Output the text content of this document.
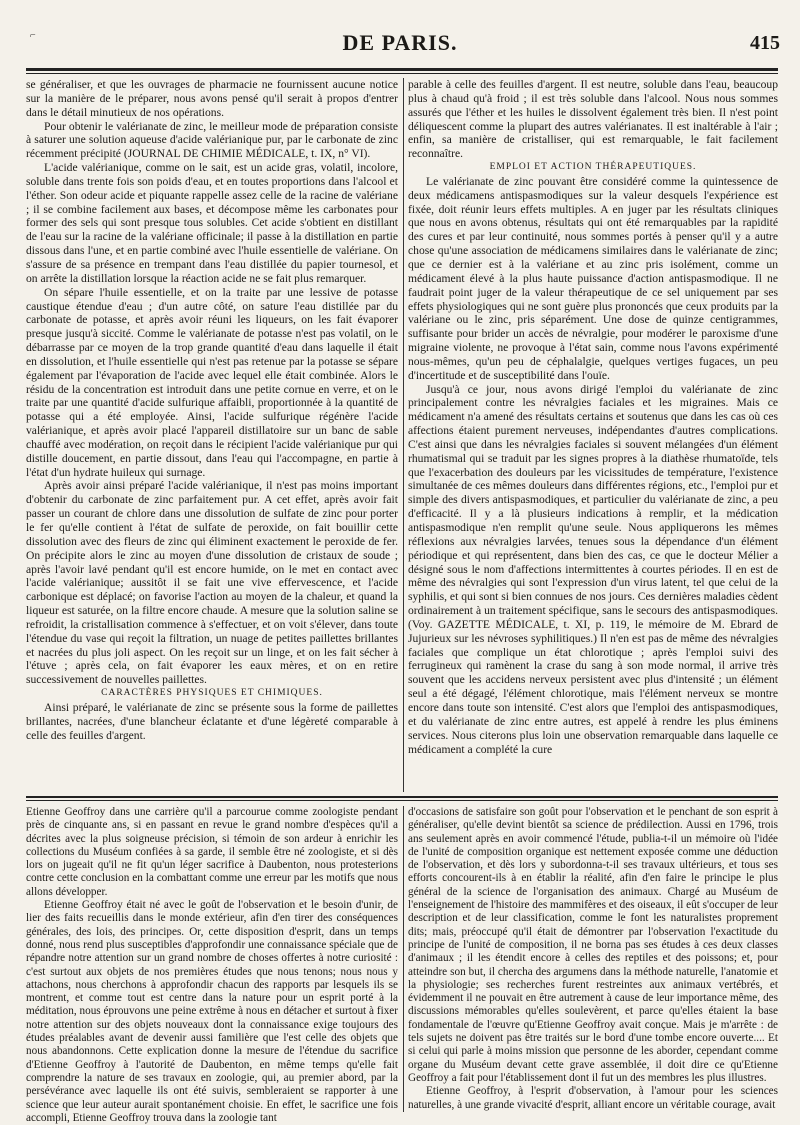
⌐	DE PARIS.	415

se généraliser, et que les ouvrages de pharmacie ne fournissent aucune notice sur la manière de le préparer, nous avons pensé qu'il serait à propos d'entrer dans le détail minutieux de nos opérations.

Pour obtenir le valérianate de zinc, le meilleur mode de préparation consiste à saturer une solution aqueuse d'acide valérianique pur, par le carbonate de zinc récemment précipité (JOURNAL DE CHIMIE MÉDICALE, t. IX, n° VI).

L'acide valérianique, comme on le sait, est un acide gras, volatil, incolore, soluble dans trente fois son poids d'eau, et en toutes proportions dans l'alcool et l'éther. Son odeur acide et piquante rappelle assez celle de la racine de valériane ; il se combine facilement aux bases, et décompose même les carbonates pour former des sels qui sont presque tous solubles. Cet acide s'obtient en distillant de l'eau sur la racine de la valériane officinale; il passe à la distillation en partie dissous dans l'une, et en partie combiné avec l'huile essentielle de valériane. On s'assure de sa présence en trempant dans l'eau distillée du papier tournesol, et on arrête la distillation lorsque la réaction acide ne se fait plus remarquer.

On sépare l'huile essentielle, et on la traite par une lessive de potasse caustique étendue d'eau ; d'un autre côté, on sature l'eau distillée par du carbonate de potasse, et après avoir réuni les liqueurs, on les fait évaporer presque jusqu'à siccité. Comme le valérianate de potasse n'est pas volatil, on le débarrasse par ce moyen de la trop grande quantité d'eau dans laquelle il était en dissolution, et l'huile essentielle qui n'est pas retenue par la potasse se sépare également par l'évaporation de l'acide avec lequel elle était combinée. Alors le résidu de la concentration est introduit dans une petite cornue en verre, et on le traite par une quantité d'acide sulfurique affaibli, proportionnée à la quantité de potasse qui a été employée. Ainsi, l'acide sulfurique régénère l'acide valérianique, et après avoir placé l'appareil distillatoire sur un banc de sable chauffé avec modération, on reçoit dans le récipient l'acide valérianique pur qui distille doucement, en partie dissout, dans l'eau qui l'accompagne, en partie à l'état d'un hydrate huileux qui surnage.

Après avoir ainsi préparé l'acide valérianique, il n'est pas moins important d'obtenir du carbonate de zinc parfaitement pur. A cet effet, après avoir fait passer un courant de chlore dans une dissolution de sulfate de zinc pour porter le fer qu'elle contient à l'état de sulfate de peroxide, on fait bouillir cette dissolution avec des fleurs de zinc qui éliminent exactement le peroxide de fer. On précipite alors le zinc au moyen d'une dissolution de cristaux de soude ; après l'avoir lavé pendant qu'il est encore humide, on le met en contact avec l'acide valérianique; aussitôt il se fait une vive effervescence, et l'acide carbonique est déplacé; on favorise l'action au moyen de la chaleur, et quand la liqueur est saturée, on la filtre encore chaude. A mesure que la solution saline se refroidit, la cristallisation commence à s'effectuer, et on voit s'élever, dans toute l'étendue du vase qui reçoit la filtration, un nuage de petites paillettes brillantes et nacrées du plus joli aspect. On les reçoit sur un linge, et on les fait sécher à l'étuve ; après cela, on fait évaporer les eaux mères, et on en retire successivement de nouvelles paillettes.

CARACTÈRES PHYSIQUES ET CHIMIQUES.

Ainsi préparé, le valérianate de zinc se présente sous la forme de paillettes brillantes, nacrées, d'une blancheur éclatante et d'une légèreté comparable à celle des feuilles d'argent.

parable à celle des feuilles d'argent. Il est neutre, soluble dans l'eau, beaucoup plus à chaud qu'à froid ; il est très soluble dans l'alcool. Nous nous sommes assurés que l'éther et les huiles le dissolvent également très bien. Il n'est point déliquescent comme la plupart des autres valérianates. Il est inaltérable à l'air ; enfin, sa manière de cristalliser, qui est remarquable, le fait facilement reconnaître.

EMPLOI ET ACTION THÉRAPEUTIQUES.

Le valérianate de zinc pouvant être considéré comme la quintessence de deux médicamens antispasmodiques sur la valeur desquels l'expérience est fixée, doit réunir leurs effets multiples. A en juger par les résultats cliniques que nous en avons obtenus, résultats qui ont été remarquables par la rapidité des cures et par leur continuité, nous sommes portés à penser qu'il y a autre chose qu'une association de médicamens similaires dans le valérianate de zinc; que ce dernier est à la valériane et au zinc pris isolément, comme un médicament élevé à la plus haute puissance d'action antispasmodique. Il ne faudrait point juger de la valeur thérapeutique de ce sel uniquement par ses effets physiologiques qui ne sont guère plus prononcés que ceux produits par la valériane ou le zinc, pris séparément. Une dose de quinze centigrammes, suffisante pour brider un accès de névralgie, pour modérer le paroxisme d'une migraine violente, ne provoque à l'état sain, comme nous l'avons expérimenté nous-mêmes, qu'un peu de céphalalgie, quelques vertiges fugaces, un peu d'incertitude et de susceptibilité dans l'ouïe.

Jusqu'à ce jour, nous avons dirigé l'emploi du valérianate de zinc principalement contre les névralgies faciales et les migraines. Mais ce médicament n'a amené des résultats certains et soutenus que dans les cas où ces affections étaient purement nerveuses, indépendantes d'autres complications. C'est ainsi que dans les névralgies faciales si souvent mélangées d'un élément rhumatismal qui se traduit par les signes propres à la diathèse rhumatoïde, tels que l'exacerbation des douleurs par les vicissitudes de température, l'existence simultanée de ces mêmes douleurs dans différentes régions, etc., l'emploi pur et simple des divers antispasmodiques, et particulier du valérianate de zinc, a peu d'efficacité. Il y a là plusieurs indications à remplir, et la médication antispasmodique n'en remplit qu'une seule. Nous appliquerons les mêmes réflexions aux névralgies larvées, tenues sous la dépendance d'un élément périodique et qui représentent, dans bien des cas, ce que le docteur Mélier a désigné sous le nom d'affections intermittentes à courtes périodes. Il en est de même des névralgies qui sont l'expression d'un virus latent, tel que celui de la syphilis, et qui sont si bien connues de nos jours. Ces dernières maladies cèdent ordinairement à un traitement spécifique, sans le secours des antispasmodiques. (Voy. GAZETTE MÉDICALE, t. XI, p. 119, le mémoire de M. Ebrard de Jujurieux sur les névroses syphilitiques.) Il n'en est pas de même des névralgies faciales que complique un état chlorotique ; après l'emploi suivi des ferrugineux qui ramènent la crase du sang à son mode normal, il arrive très souvent que les accidens nerveux persistent avec plus d'intensité ; un élément seul a été dégagé, l'élément chlorotique, mais l'élément nerveux se montre encore dans toute son intensité. C'est alors que l'emploi des antispasmodiques, et du valérianate de zinc entre autres, est appelé à rendre les plus éminens services. Nous citerons plus loin une observation remarquable dans laquelle ce médicament a complété la cure

Etienne Geoffroy dans une carrière qu'il a parcourue comme zoologiste pendant près de cinquante ans, si en passant en revue le grand nombre d'espèces qu'il a décrites avec la plus soigneuse précision, si témoin de son ardeur à enrichir les collections du Muséum confiées à sa garde, il semble être né zoologiste, et si dès lors on jugeait qu'il ne fit qu'un léger sacrifice à Daubenton, nous protesterions contre cette conclusion en la combattant comme une erreur par les motifs que nous allons développer.

Etienne Geoffroy était né avec le goût de l'observation et le besoin d'unir, de lier des faits recueillis dans le monde extérieur, afin d'en tirer des conséquences générales, des lois, des principes. Or, cette disposition d'esprit, dans un temps donné, nous rend plus susceptibles d'approfondir une connaissance spéciale que de répandre notre attention sur un grand nombre de choses offertes à notre curiosité : c'est surtout aux objets de nos premières études que nous tenons; nous nous y attachons, nous cherchons à approfondir chacun des rapports par lesquels ils se montrent, et comme tout est centre dans la nature pour un esprit porté à la méditation, nous éprouvons une peine extrême à nous en détacher et surtout à fixer notre attention sur des objets nouveaux dont la connaissance exige toujours des études préalables avant de devenir aussi familière que l'est celle des objets que nous abandonnons. Cette explication donne la mesure de l'étendue du sacrifice d'Etienne Geoffroy à l'autorité de Daubenton, en même temps qu'elle fait comprendre la nature de ses travaux en zoologie, qui, au premier abord, par la persévérance avec laquelle ils ont été suivis, sembleraient se rapporter à une science que leur auteur aurait spontanément choisie. En effet, le sacrifice une fois accompli, Etienne Geoffroy trouva dans la zoologie tant

d'occasions de satisfaire son goût pour l'observation et le penchant de son esprit à généraliser, qu'elle devint bientôt sa science de prédilection. Aussi en 1796, trois ans seulement après en avoir commencé l'étude, publia-t-il un mémoire où l'idée de l'unité de composition organique est nettement exposée comme une déduction de l'observation, et dès lors y subordonna-t-il ses travaux ultérieurs, et tous ses efforts concourent-ils à en établir la réalité, afin d'en faire le principe le plus général de la science de l'organisation des animaux. Chargé au Muséum de l'enseignement de l'histoire des mammifères et des oiseaux, il eût s'occuper de leur description et de leur classification, comme le font les naturalistes proprement dits; mais, préoccupé qu'il était de démontrer par l'observation l'exactitude du principe de l'unité de composition, il ne borna pas ses études à ces deux classes d'animaux ; il les étendit encore à celles des reptiles et des poissons; et, pour atteindre son but, il chercha des argumens dans la méthode naturelle, l'anatomie et la physiologie; ses recherches furent restreintes aux animaux vertébrés, et évidemment il ne pouvait en être autrement à cause de leur importance même, des discussions mémorables qu'elles soulevèrent, et parce qu'elles étaient la base fondamentale de l'œuvre qu'Etienne Geoffroy avait conçue. Mais je m'arrête : de tels sujets ne doivent pas être traités sur le bord d'une tombe encore ouverte.... Et si celui qui parle à moins mission que personne de les aborder, cependant comme organe du Muséum devant cette grave assemblée, il doit dire ce qu'Etienne Geoffroy a fait pour l'établissement dont il fut un des membres les plus illustres.

Etienne Geoffroy, à l'esprit d'observation, à l'amour pour les sciences naturelles, à une grande vivacité d'esprit, alliant encore un véritable courage, avait
